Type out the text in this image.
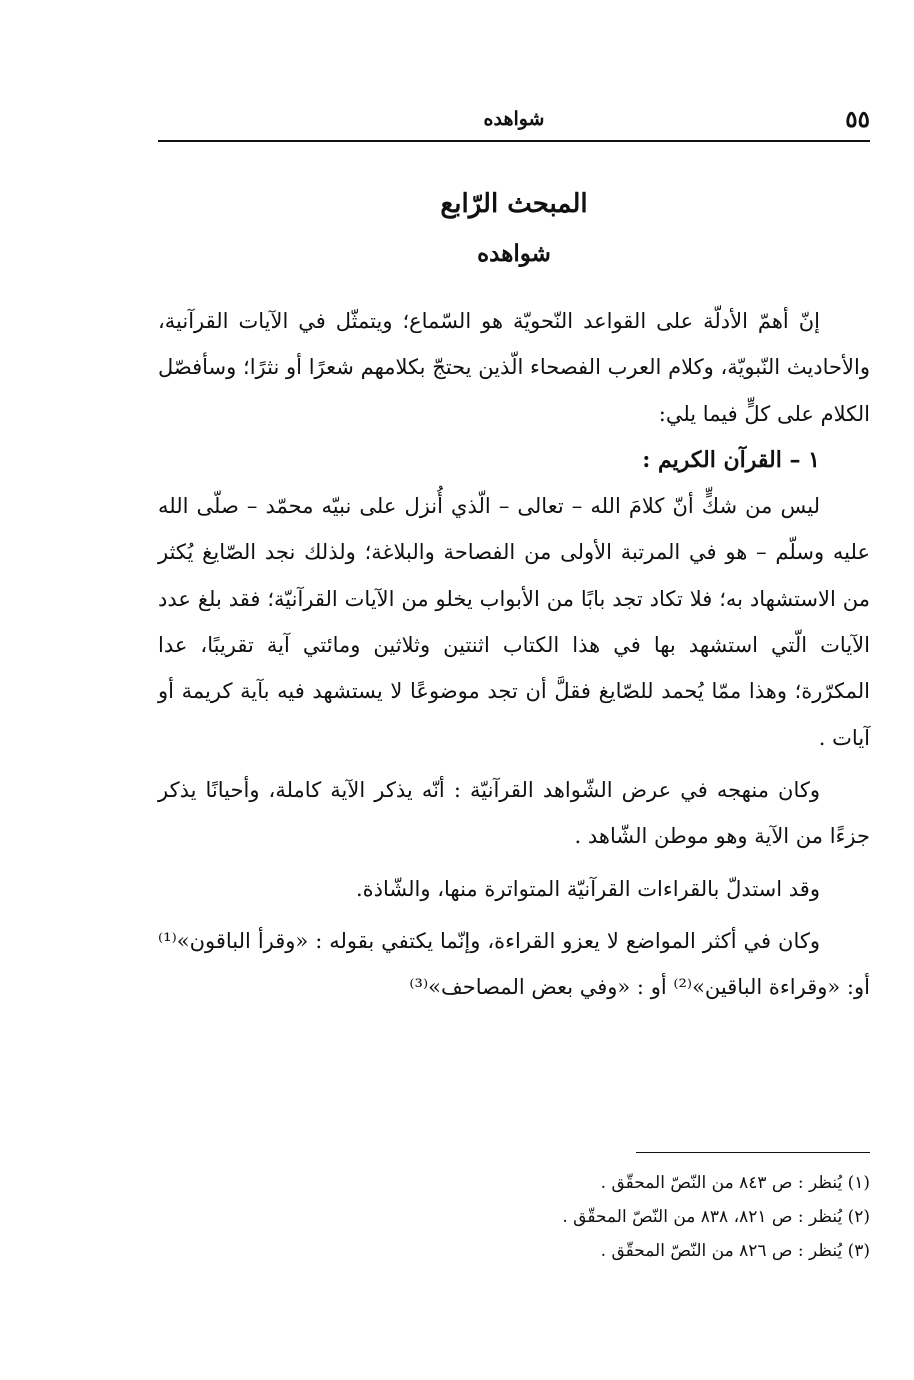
٥٥
شواهده
المبحث الرّابع
شواهده

إنّ أهمّ الأدلّة على القواعد النّحويّة هو السّماع؛ ويتمثّل في الآيات القرآنية، والأحاديث النّبويّة، وكلام العرب الفصحاء الّذين يحتجّ بكلامهم شعرًا أو نثرًا؛ وسأفصّل الكلام على كلٍّ فيما يلي:

١ – القرآن الكريم :

ليس من شكٍّ أنّ كلامَ الله – تعالى – الّذي أُنزل على نبيّه محمّد – صلّى الله عليه وسلّم – هو في المرتبة الأولى من الفصاحة والبلاغة؛ ولذلك نجد الصّايغ يُكثر من الاستشهاد به؛ فلا تكاد تجد بابًا من الأبواب يخلو من الآيات القرآنيّة؛ فقد بلغ عدد الآيات الّتي استشهد بها في هذا الكتاب اثنتين وثلاثين ومائتي آية تقريبًا، عدا المكرّرة؛ وهذا ممّا يُحمد للصّايغ فقلَّ أن تجد موضوعًا لا يستشهد فيه بآية كريمة أو آيات .

وكان منهجه في عرض الشّواهد القرآنيّة : أنّه يذكر الآية كاملة، وأحيانًا يذكر جزءًا من الآية وهو موطن الشّاهد .

وقد استدلّ بالقراءات القرآنيّة المتواترة منها، والشّاذة.

وكان في أكثر المواضع لا يعزو القراءة، وإنّما يكتفي بقوله : «وقرأ الباقون»⁽¹⁾ أو: «وقراءة الباقين»⁽²⁾ أو : «وفي بعض المصاحف»⁽³⁾

(١) يُنظر : ص ٨٤٣ من النّصّ المحقّق .

(٢) يُنظر : ص ٨٢١، ٨٣٨ من النّصّ المحقّق .

(٣) يُنظر : ص ٨٢٦ من النّصّ المحقّق .
